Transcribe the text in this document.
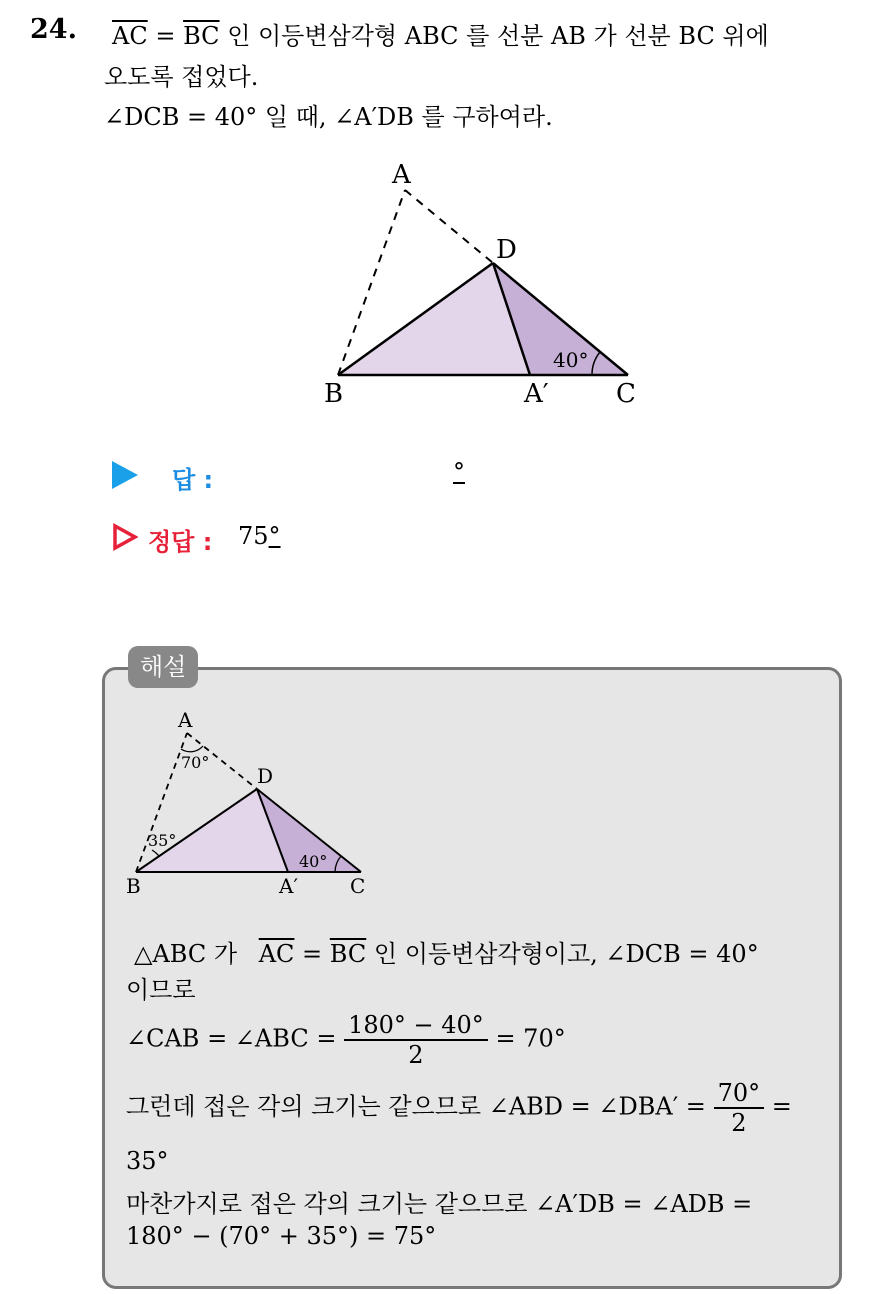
24. $\overline{AC} = \overline{BC}$ 인 이등변삼각형 ABC 를 선분 AB 가 선분 BC 위에
오도록 접었다.
∠DCB = 40° 일 때, ∠A′DB 를 구하여라.
A
D
B	A′	C
40°
답 :	°
정답 : 75°
해설
A
D
B	A′	C
70°
35°
40°
△ABC 가 $\overline{AC} = \overline{BC}$ 인 이등변삼각형이고, ∠DCB = 40°
이므로
∠CAB = ∠ABC = $\frac{180^\circ - 40^\circ}{2} = 70^\circ$
그런데 접은 각의 크기는 같으므로 ∠ABD = ∠DBA′ = $\frac{70^\circ}{2}$ =
35°
마찬가지로 접은 각의 크기는 같으므로 ∠A′DB = ∠ADB =
180° − (70° + 35°) = 75°
